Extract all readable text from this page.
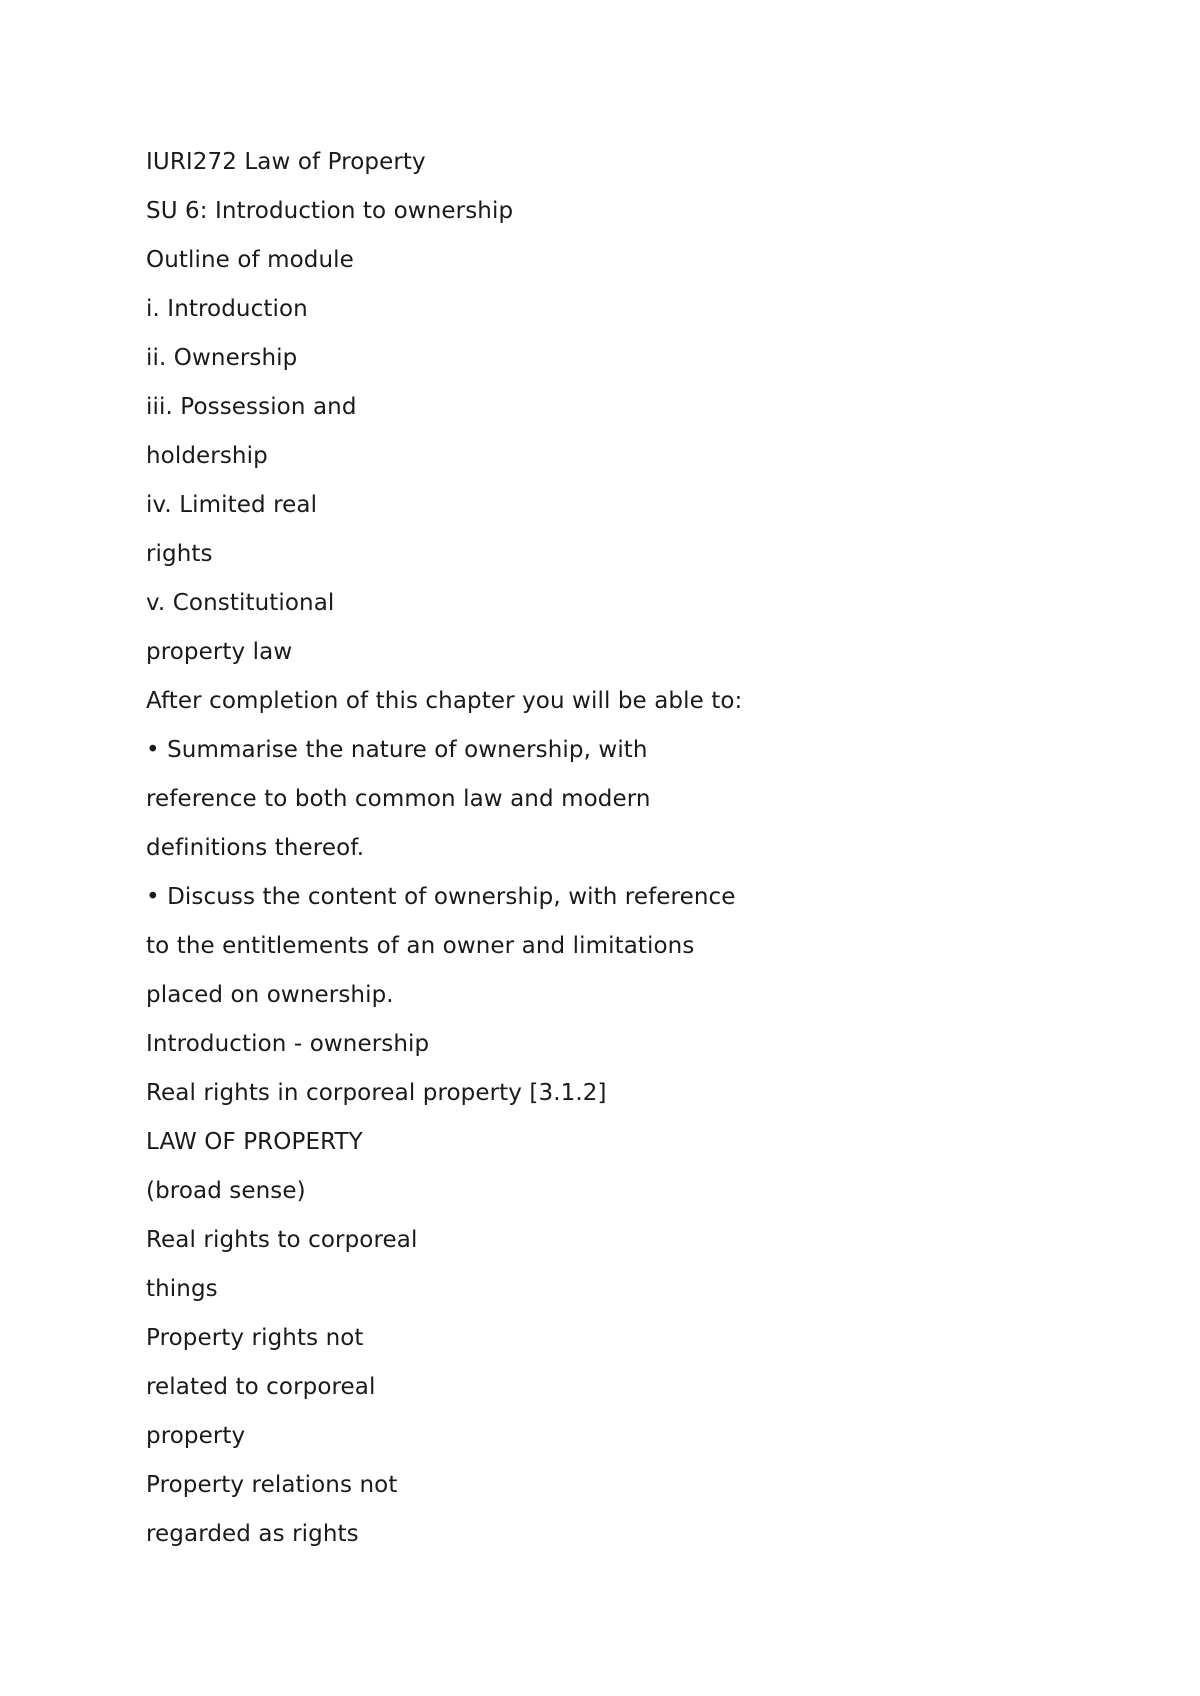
IURI272 Law of Property
SU 6: Introduction to ownership
Outline of module
i. Introduction
ii. Ownership
iii. Possession and
holdership
iv. Limited real
rights
v. Constitutional
property law
After completion of this chapter you will be able to:
• Summarise the nature of ownership, with
reference to both common law and modern
definitions thereof.
• Discuss the content of ownership, with reference
to the entitlements of an owner and limitations
placed on ownership.
Introduction - ownership
Real rights in corporeal property [3.1.2]
LAW OF PROPERTY
(broad sense)
Real rights to corporeal
things
Property rights not
related to corporeal
property
Property relations not
regarded as rights
